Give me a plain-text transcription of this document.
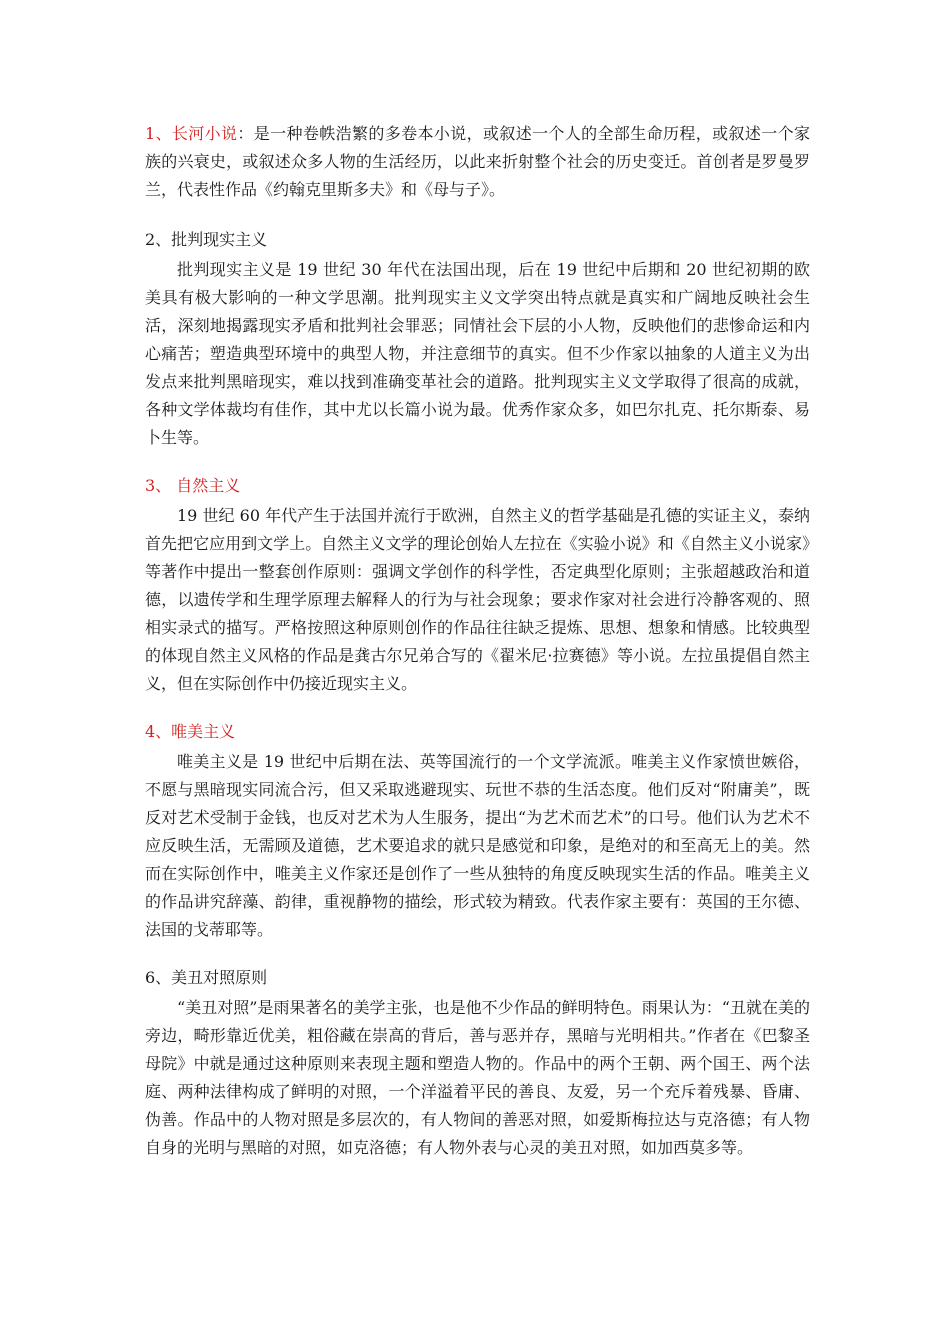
1、长河小说：是一种卷帙浩繁的多卷本小说，或叙述一个人的全部生命历程，或叙述一个家族的兴衰史，或叙述众多人物的生活经历，以此来折射整个社会的历史变迁。首创者是罗曼罗兰，代表性作品《约翰克里斯多夫》和《母与子》。

2、批判现实主义

批判现实主义是 19 世纪 30 年代在法国出现，后在 19 世纪中后期和 20 世纪初期的欧美具有极大影响的一种文学思潮。批判现实主义文学突出特点就是真实和广阔地反映社会生活，深刻地揭露现实矛盾和批判社会罪恶；同情社会下层的小人物，反映他们的悲惨命运和内心痛苦；塑造典型环境中的典型人物，并注意细节的真实。但不少作家以抽象的人道主义为出发点来批判黑暗现实，难以找到准确变革社会的道路。批判现实主义文学取得了很高的成就，各种文学体裁均有佳作，其中尤以长篇小说为最。优秀作家众多，如巴尔扎克、托尔斯泰、易卜生等。

3、 自然主义

19 世纪 60 年代产生于法国并流行于欧洲，自然主义的哲学基础是孔德的实证主义，泰纳首先把它应用到文学上。自然主义文学的理论创始人左拉在《实验小说》和《自然主义小说家》等著作中提出一整套创作原则：强调文学创作的科学性，否定典型化原则；主张超越政治和道德，以遗传学和生理学原理去解释人的行为与社会现象；要求作家对社会进行冷静客观的、照相实录式的描写。严格按照这种原则创作的作品往往缺乏提炼、思想、想象和情感。比较典型的体现自然主义风格的作品是龚古尔兄弟合写的《翟米尼·拉赛德》等小说。左拉虽提倡自然主义，但在实际创作中仍接近现实主义。

4、唯美主义

唯美主义是 19 世纪中后期在法、英等国流行的一个文学流派。唯美主义作家愤世嫉俗，不愿与黑暗现实同流合污，但又采取逃避现实、玩世不恭的生活态度。他们反对“附庸美”，既反对艺术受制于金钱，也反对艺术为人生服务，提出“为艺术而艺术”的口号。他们认为艺术不应反映生活，无需顾及道德，艺术要追求的就只是感觉和印象，是绝对的和至高无上的美。然而在实际创作中，唯美主义作家还是创作了一些从独特的角度反映现实生活的作品。唯美主义的作品讲究辞藻、韵律，重视静物的描绘，形式较为精致。代表作家主要有：英国的王尔德、法国的戈蒂耶等。

6、美丑对照原则

“美丑对照”是雨果著名的美学主张，也是他不少作品的鲜明特色。雨果认为：“丑就在美的旁边，畸形靠近优美，粗俗藏在崇高的背后，善与恶并存，黑暗与光明相共。”作者在《巴黎圣母院》中就是通过这种原则来表现主题和塑造人物的。作品中的两个王朝、两个国王、两个法庭、两种法律构成了鲜明的对照，一个洋溢着平民的善良、友爱，另一个充斥着残暴、昏庸、伪善。作品中的人物对照是多层次的，有人物间的善恶对照，如爱斯梅拉达与克洛德；有人物自身的光明与黑暗的对照，如克洛德；有人物外表与心灵的美丑对照，如加西莫多等。
